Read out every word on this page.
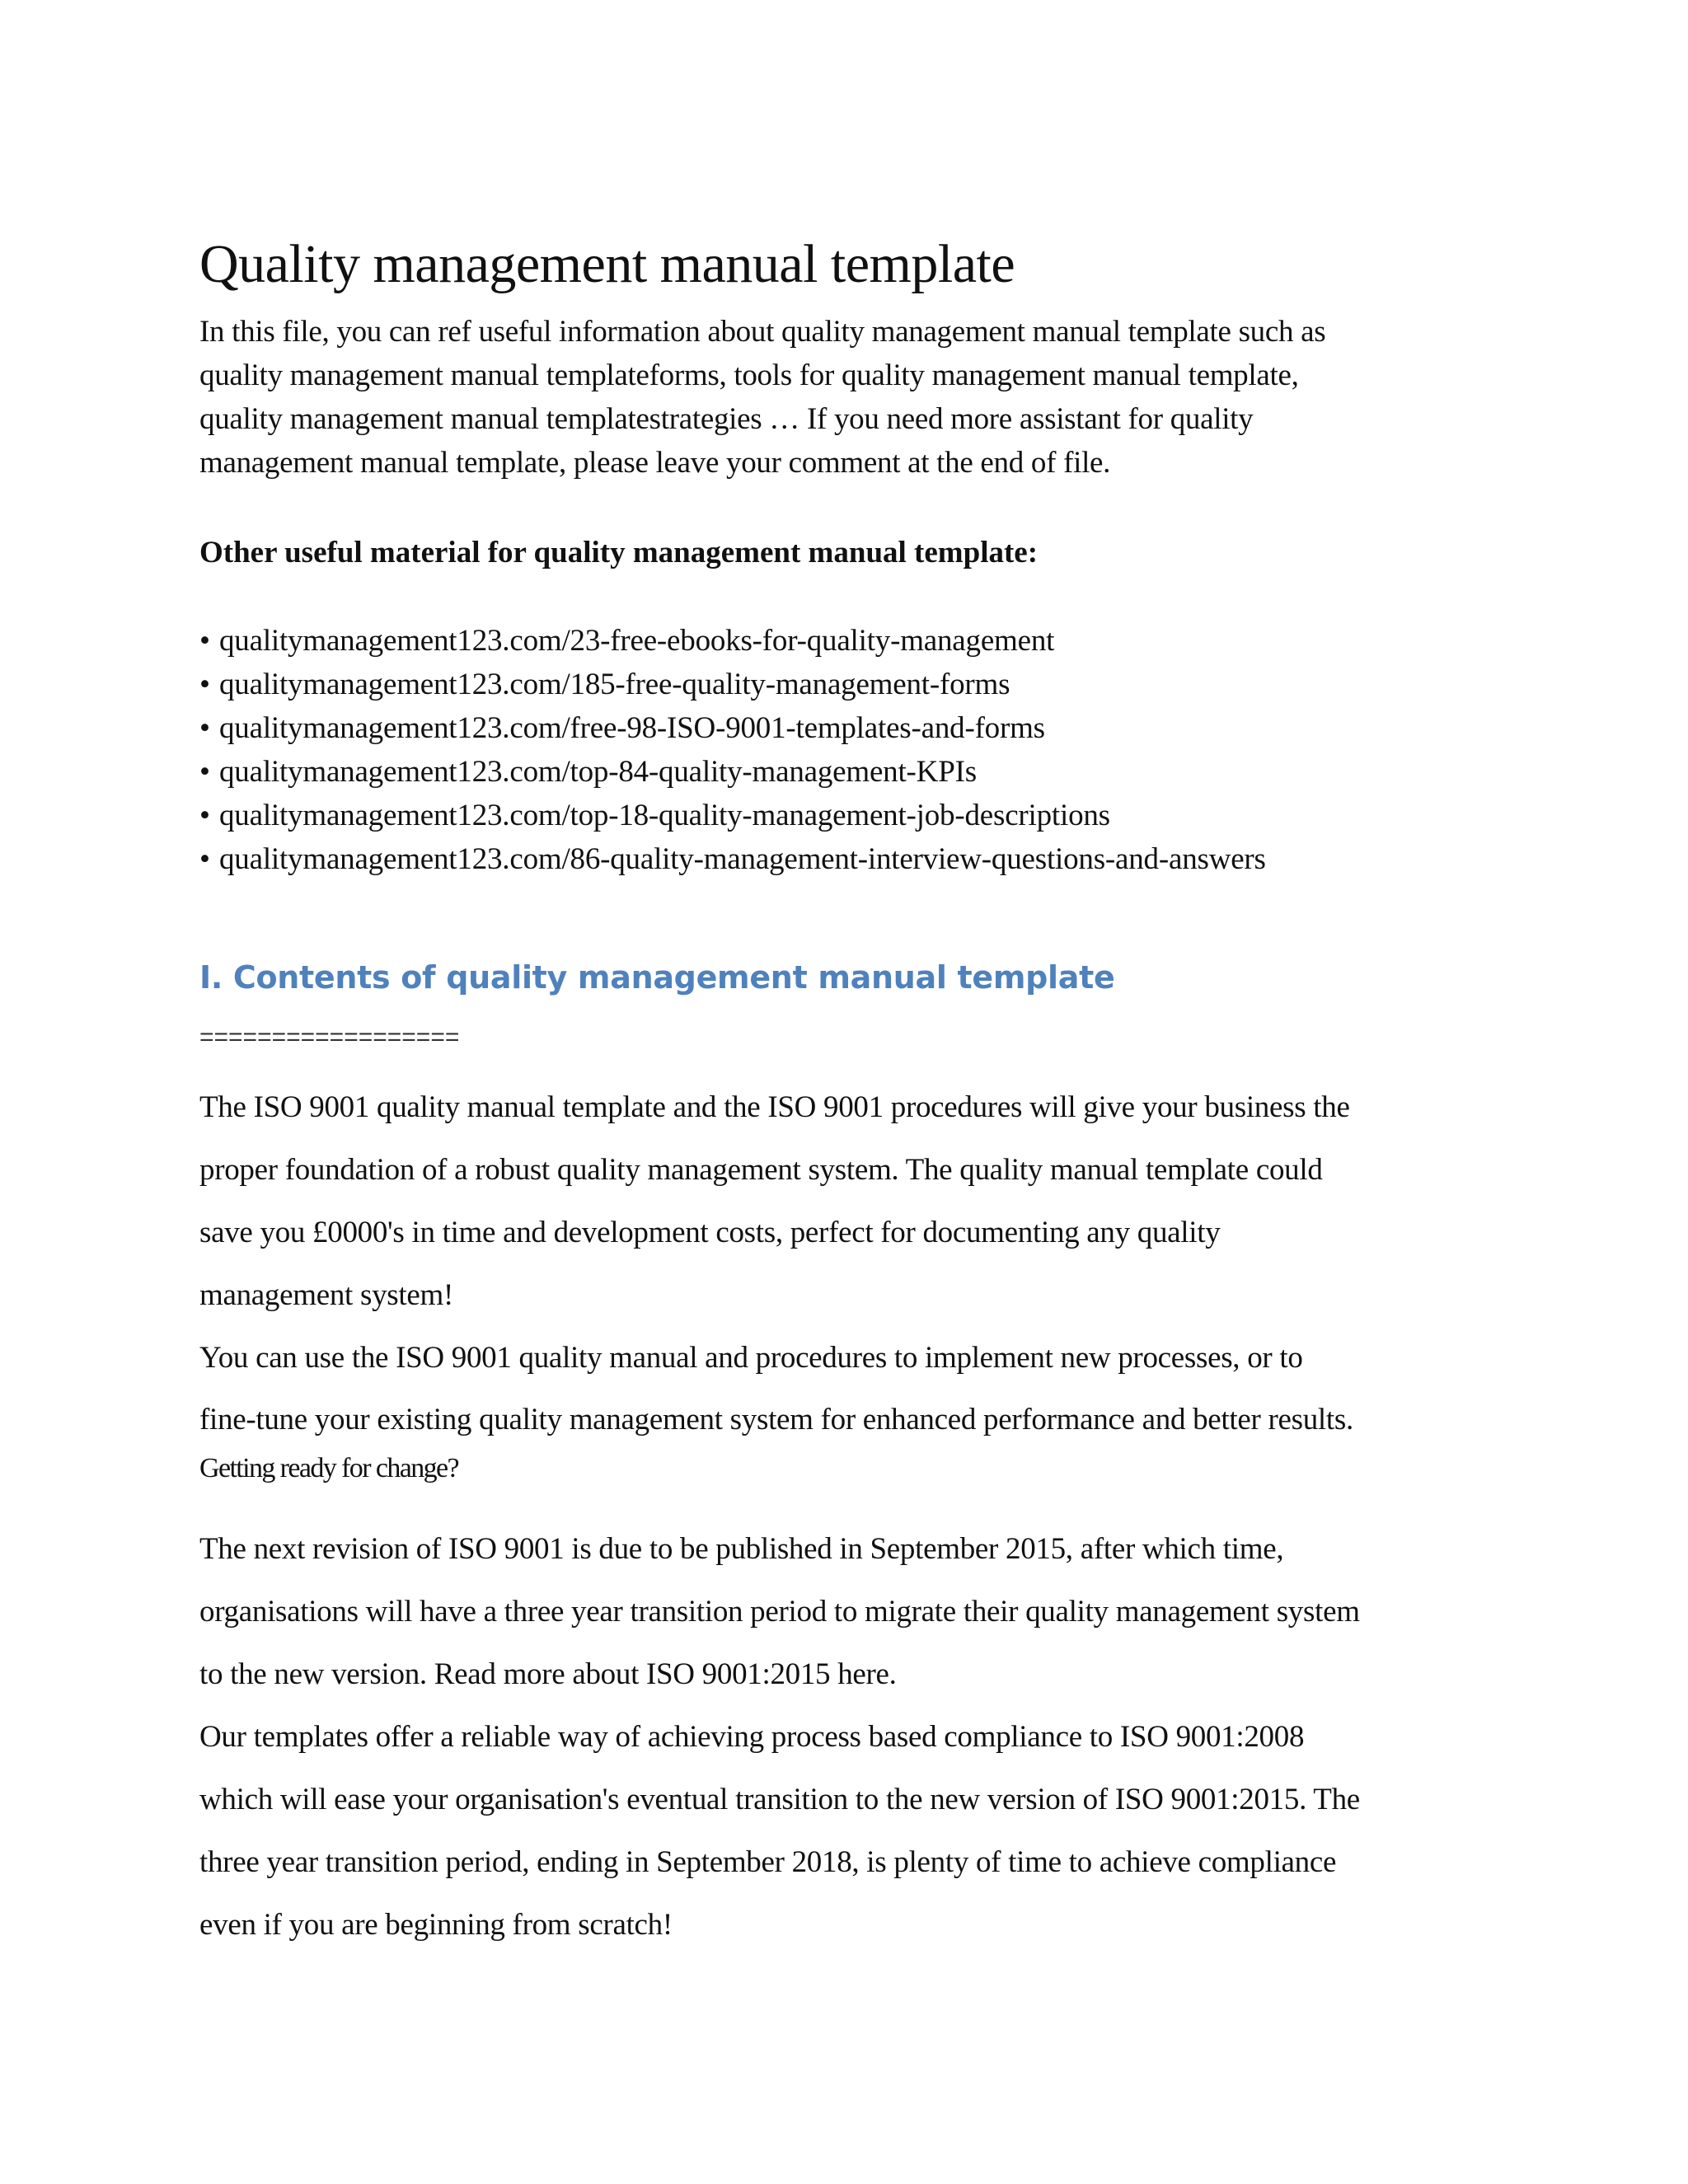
Quality management manual template
In this file, you can ref useful information about quality management manual template such as
quality management manual templateforms, tools for quality management manual template,
quality management manual templatestrategies … If you need more assistant for quality
management manual template, please leave your comment at the end of file.
Other useful material for quality management manual template:
• qualitymanagement123.com/23-free-ebooks-for-quality-management
• qualitymanagement123.com/185-free-quality-management-forms
• qualitymanagement123.com/free-98-ISO-9001-templates-and-forms
• qualitymanagement123.com/top-84-quality-management-KPIs
• qualitymanagement123.com/top-18-quality-management-job-descriptions
• qualitymanagement123.com/86-quality-management-interview-questions-and-answers
I. Contents of quality management manual template
==================
The ISO 9001 quality manual template and the ISO 9001 procedures will give your business the
proper foundation of a robust quality management system. The quality manual template could
save you £0000's in time and development costs, perfect for documenting any quality
management system!
You can use the ISO 9001 quality manual and procedures to implement new processes, or to
fine-tune your existing quality management system for enhanced performance and better results.
Getting ready for change?
The next revision of ISO 9001 is due to be published in September 2015, after which time,
organisations will have a three year transition period to migrate their quality management system
to the new version. Read more about ISO 9001:2015 here.
Our templates offer a reliable way of achieving process based compliance to ISO 9001:2008
which will ease your organisation's eventual transition to the new version of ISO 9001:2015. The
three year transition period, ending in September 2018, is plenty of time to achieve compliance
even if you are beginning from scratch!
